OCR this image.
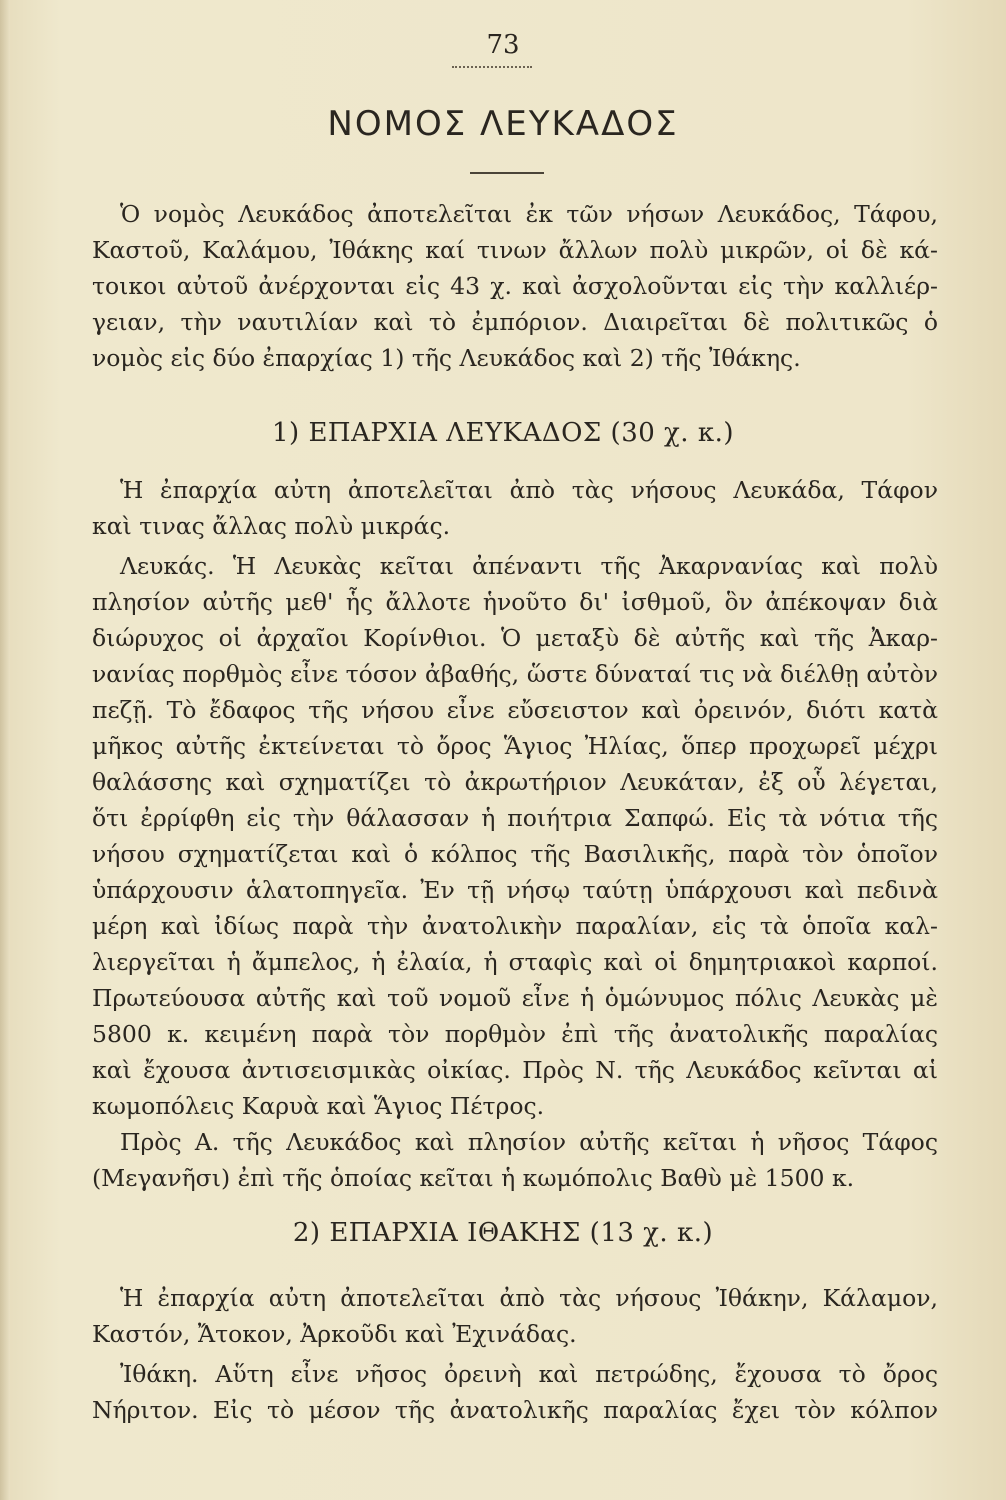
73
ΝΟΜΟΣ ΛΕΥΚΑΔΟΣ
Ὁ νομὸς Λευκάδος ἀποτελεῖται ἐκ τῶν νήσων Λευκάδος, Τάφου,
Καστοῦ, Καλάμου, Ἰθάκης καί τινων ἄλλων πολὺ μικρῶν, οἱ δὲ κά-
τοικοι αὐτοῦ ἀνέρχονται εἰς 43 χ. καὶ ἀσχολοῦνται εἰς τὴν καλλιέρ-
γειαν, τὴν ναυτιλίαν καὶ τὸ ἐμπόριον. Διαιρεῖται δὲ πολιτικῶς ὁ
νομὸς εἰς δύο ἐπαρχίας 1) τῆς Λευκάδος καὶ 2) τῆς Ἰθάκης.
1) ΕΠΑΡΧΙΑ ΛΕΥΚΑΔΟΣ (30 χ. κ.)
Ἡ ἐπαρχία αὐτη ἀποτελεῖται ἀπὸ τὰς νήσους Λευκάδα, Τάφον
καὶ τινας ἄλλας πολὺ μικράς.
Λευκάς. Ἡ Λευκὰς κεῖται ἀπέναντι τῆς Ἀκαρνανίας καὶ πολὺ
πλησίον αὐτῆς μεθ' ἧς ἄλλοτε ἡνοῦτο δι' ἰσθμοῦ, ὃν ἀπέκοψαν διὰ
διώρυχος οἱ ἀρχαῖοι Κορίνθιοι. Ὁ μεταξὺ δὲ αὐτῆς καὶ τῆς Ἀκαρ-
νανίας πορθμὸς εἶνε τόσον ἀβαθής, ὥστε δύναταί τις νὰ διέλθῃ αὐτὸν
πεζῇ. Τὸ ἔδαφος τῆς νήσου εἶνε εὔσειστον καὶ ὀρεινόν, διότι κατὰ
μῆκος αὐτῆς ἐκτείνεται τὸ ὄρος Ἅγιος Ἠλίας, ὅπερ προχωρεῖ μέχρι
θαλάσσης καὶ σχηματίζει τὸ ἀκρωτήριον Λευκάταν, ἐξ οὗ λέγεται,
ὅτι ἐρρίφθη εἰς τὴν θάλασσαν ἡ ποιήτρια Σαπφώ. Εἰς τὰ νότια τῆς
νήσου σχηματίζεται καὶ ὁ κόλπος τῆς Βασιλικῆς, παρὰ τὸν ὁποῖον
ὑπάρχουσιν ἁλατοπηγεῖα. Ἐν τῇ νήσῳ ταύτῃ ὑπάρχουσι καὶ πεδινὰ
μέρη καὶ ἰδίως παρὰ τὴν ἀνατολικὴν παραλίαν, εἰς τὰ ὁποῖα καλ-
λιεργεῖται ἡ ἄμπελος, ἡ ἐλαία, ἡ σταφὶς καὶ οἱ δημητριακοὶ καρποί.
Πρωτεύουσα αὐτῆς καὶ τοῦ νομοῦ εἶνε ἡ ὁμώνυμος πόλις Λευκὰς μὲ
5800 κ. κειμένη παρὰ τὸν πορθμὸν ἐπὶ τῆς ἀνατολικῆς παραλίας
καὶ ἔχουσα ἀντισεισμικὰς οἰκίας. Πρὸς Ν. τῆς Λευκάδος κεῖνται αἱ
κωμοπόλεις Καρυὰ καὶ Ἅγιος Πέτρος.
Πρὸς Α. τῆς Λευκάδος καὶ πλησίον αὐτῆς κεῖται ἡ νῆσος Τάφος
(Μεγανῆσι) ἐπὶ τῆς ὁποίας κεῖται ἡ κωμόπολις Βαθὺ μὲ 1500 κ.
2) ΕΠΑΡΧΙΑ ΙΘΑΚΗΣ (13 χ. κ.)
Ἡ ἐπαρχία αὐτη ἀποτελεῖται ἀπὸ τὰς νήσους Ἰθάκην, Κάλαμον,
Καστόν, Ἄτοκον, Ἀρκοῦδι καὶ Ἐχινάδας.
Ἰθάκη. Αὕτη εἶνε νῆσος ὀρεινὴ καὶ πετρώδης, ἔχουσα τὸ ὄρος
Νήριτον. Εἰς τὸ μέσον τῆς ἀνατολικῆς παραλίας ἔχει τὸν κόλπον
